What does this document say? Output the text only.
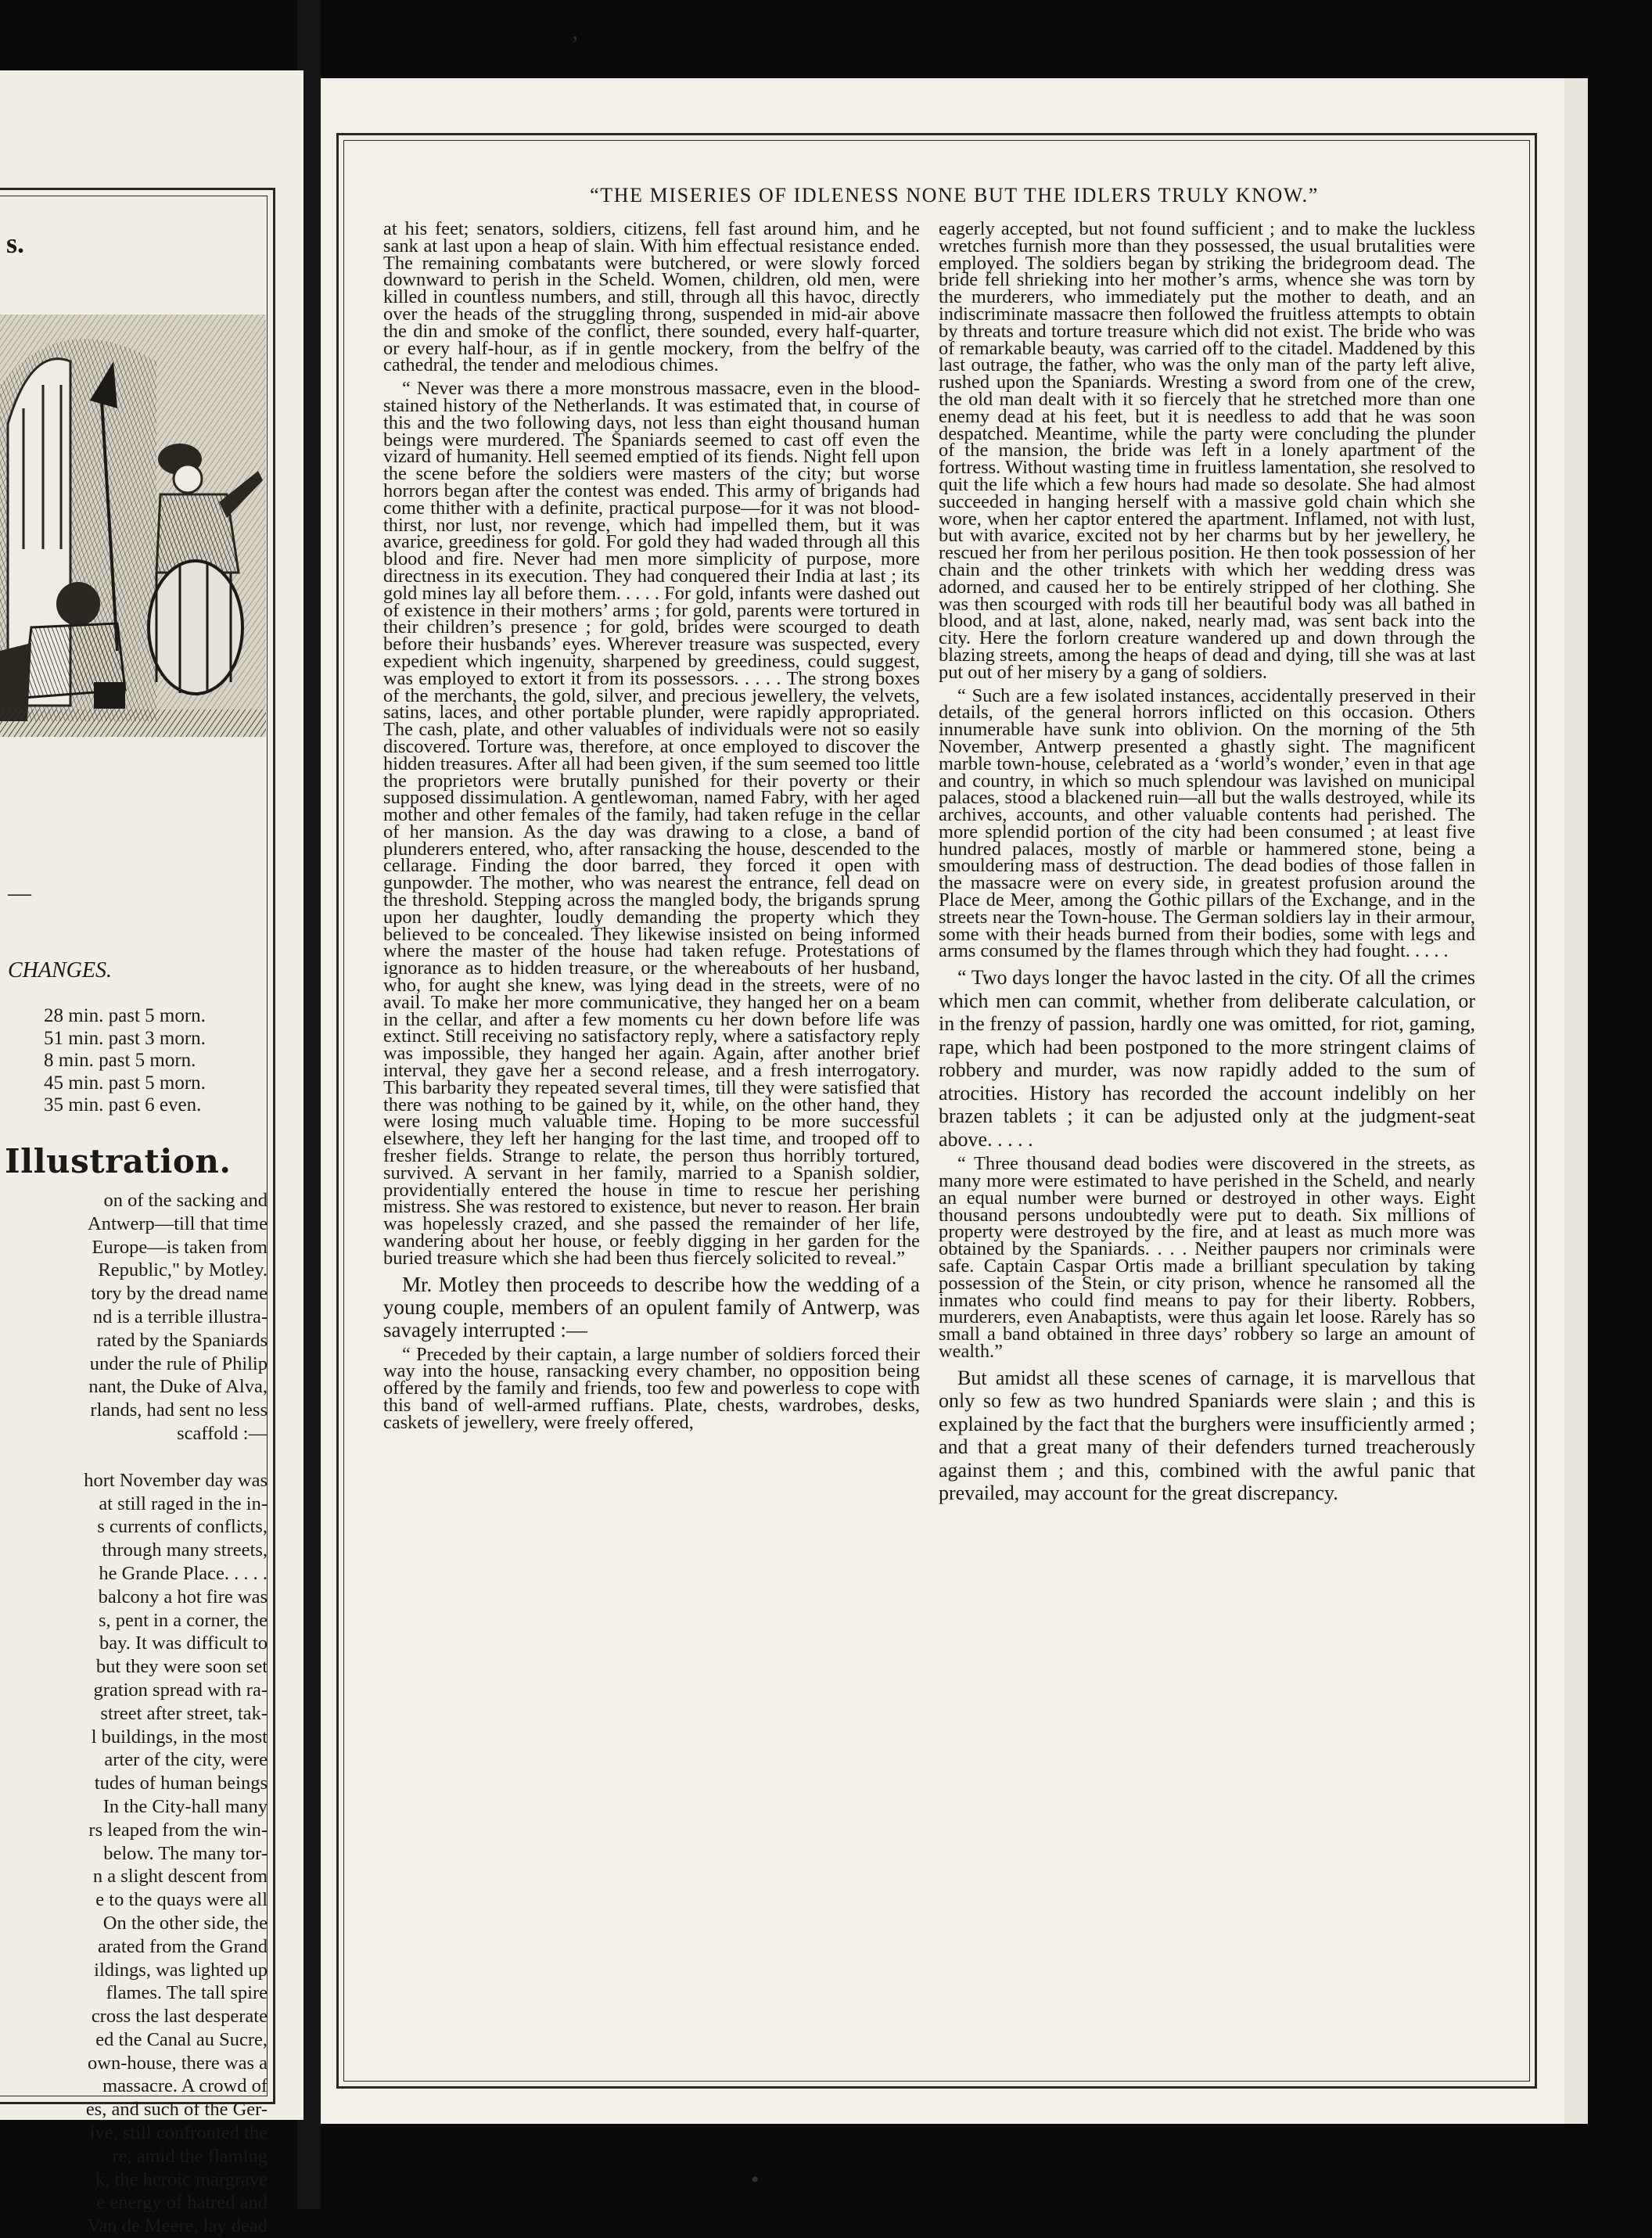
s.
—
CHANGES.
28 min. past 5 morn.
51 min. past 3 morn.
8 min. past 5 morn.
45 min. past 5 morn.
35 min. past 6 even.
Illustration.
on of the sacking and
Antwerp—till that time
Europe—is taken from
Republic," by Motley.
tory by the dread name
nd is a terrible illustra-
rated by the Spaniards
under the rule of Philip
nant, the Duke of Alva,
rlands, had sent no less
scaffold :—
hort November day was
at still raged in the in-
s currents of conflicts,
through many streets,
he Grande Place. . . . .
balcony a hot fire was
s, pent in a corner, the
bay. It was difficult to
but they were soon set
gration spread with ra-
street after street, tak-
l buildings, in the most
arter of the city, were
tudes of human beings
In the City-hall many
rs leaped from the win-
below. The many tor-
n a slight descent from
e to the quays were all
On the other side, the
arated from the Grand
ildings, was lighted up
flames. The tall spire
cross the last desperate
ed the Canal au Sucre,
own-house, there was a
massacre. A crowd of
es, and such of the Ger-
ive, still confronted the
re, amid the flaming
k, the heroic margrave
e energy of hatred and
Van de Meere, lay dead
“THE MISERIES OF IDLENESS NONE BUT THE IDLERS TRULY KNOW.”

at his feet; senators, soldiers, citizens, fell fast around him, and he sank at last upon a heap of slain. With him effectual resistance ended. The remaining combatants were butchered, or were slowly forced downward to perish in the Scheld. Women, children, old men, were killed in countless numbers, and still, through all this havoc, directly over the heads of the struggling throng, suspended in mid-air above the din and smoke of the conflict, there sounded, every half-quarter, or every half-hour, as if in gentle mockery, from the belfry of the cathedral, the tender and melodious chimes.

“ Never was there a more monstrous massacre, even in the blood-stained history of the Netherlands. It was estimated that, in course of this and the two following days, not less than eight thousand human beings were murdered. The Spaniards seemed to cast off even the vizard of humanity. Hell seemed emptied of its fiends. Night fell upon the scene before the soldiers were masters of the city; but worse horrors began after the contest was ended. This army of brigands had come thither with a definite, practical purpose—for it was not blood-thirst, nor lust, nor revenge, which had impelled them, but it was avarice, greediness for gold. For gold they had waded through all this blood and fire. Never had men more simplicity of purpose, more directness in its execution. They had conquered their India at last ; its gold mines lay all before them. . . . . For gold, infants were dashed out of existence in their mothers’ arms ; for gold, parents were tortured in their children’s presence ; for gold, brides were scourged to death before their husbands’ eyes. Wherever treasure was suspected, every expedient which ingenuity, sharpened by greediness, could suggest, was employed to extort it from its possessors. . . . . The strong boxes of the merchants, the gold, silver, and precious jewellery, the velvets, satins, laces, and other portable plunder, were rapidly appropriated. The cash, plate, and other valuables of individuals were not so easily discovered. Torture was, therefore, at once employed to discover the hidden treasures. After all had been given, if the sum seemed too little the proprietors were brutally punished for their poverty or their supposed dissimulation. A gentlewoman, named Fabry, with her aged mother and other females of the family, had taken refuge in the cellar of her mansion. As the day was drawing to a close, a band of plunderers entered, who, after ransacking the house, descended to the cellarage. Finding the door barred, they forced it open with gunpowder. The mother, who was nearest the entrance, fell dead on the threshold. Stepping across the mangled body, the brigands sprung upon her daughter, loudly demanding the property which they believed to be concealed. They likewise insisted on being informed where the master of the house had taken refuge. Protestations of ignorance as to hidden treasure, or the whereabouts of her husband, who, for aught she knew, was lying dead in the streets, were of no avail. To make her more communicative, they hanged her on a beam in the cellar, and after a few moments cu her down before life was extinct. Still receiving no satisfactory reply, where a satisfactory reply was impossible, they hanged her again. Again, after another brief interval, they gave her a second release, and a fresh interrogatory. This barbarity they repeated several times, till they were satisfied that there was nothing to be gained by it, while, on the other hand, they were losing much valuable time. Hoping to be more successful elsewhere, they left her hanging for the last time, and trooped off to fresher fields. Strange to relate, the person thus horribly tortured, survived. A servant in her family, married to a Spanish soldier, providentially entered the house in time to rescue her perishing mistress. She was restored to existence, but never to reason. Her brain was hopelessly crazed, and she passed the remainder of her life, wandering about her house, or feebly digging in her garden for the buried treasure which she had been thus fiercely solicited to reveal.”

Mr. Motley then proceeds to describe how the wedding of a young couple, members of an opulent family of Antwerp, was savagely interrupted :—

“ Preceded by their captain, a large number of soldiers forced their way into the house, ransacking every chamber, no opposition being offered by the family and friends, too few and powerless to cope with this band of well-armed ruffians. Plate, chests, wardrobes, desks, caskets of jewellery, were freely offered,

eagerly accepted, but not found sufficient ; and to make the luckless wretches furnish more than they possessed, the usual brutalities were employed. The soldiers began by striking the bridegroom dead. The bride fell shrieking into her mother’s arms, whence she was torn by the murderers, who immediately put the mother to death, and an indiscriminate massacre then followed the fruitless attempts to obtain by threats and torture treasure which did not exist. The bride who was of remarkable beauty, was carried off to the citadel. Maddened by this last outrage, the father, who was the only man of the party left alive, rushed upon the Spaniards. Wresting a sword from one of the crew, the old man dealt with it so fiercely that he stretched more than one enemy dead at his feet, but it is needless to add that he was soon despatched. Meantime, while the party were concluding the plunder of the mansion, the bride was left in a lonely apartment of the fortress. Without wasting time in fruitless lamentation, she resolved to quit the life which a few hours had made so desolate. She had almost succeeded in hanging herself with a massive gold chain which she wore, when her captor entered the apartment. Inflamed, not with lust, but with avarice, excited not by her charms but by her jewellery, he rescued her from her perilous position. He then took possession of her chain and the other trinkets with which her wedding dress was adorned, and caused her to be entirely stripped of her clothing. She was then scourged with rods till her beautiful body was all bathed in blood, and at last, alone, naked, nearly mad, was sent back into the city. Here the forlorn creature wandered up and down through the blazing streets, among the heaps of dead and dying, till she was at last put out of her misery by a gang of soldiers.

“ Such are a few isolated instances, accidentally preserved in their details, of the general horrors inflicted on this occasion. Others innumerable have sunk into oblivion. On the morning of the 5th November, Antwerp presented a ghastly sight. The magnificent marble town-house, celebrated as a ‘world’s wonder,’ even in that age and country, in which so much splendour was lavished on municipal palaces, stood a blackened ruin—all but the walls destroyed, while its archives, accounts, and other valuable contents had perished. The more splendid portion of the city had been consumed ; at least five hundred palaces, mostly of marble or hammered stone, being a smouldering mass of destruction. The dead bodies of those fallen in the massacre were on every side, in greatest profusion around the Place de Meer, among the Gothic pillars of the Exchange, and in the streets near the Town-house. The German soldiers lay in their armour, some with their heads burned from their bodies, some with legs and arms consumed by the flames through which they had fought. . . . .

“ Two days longer the havoc lasted in the city. Of all the crimes which men can commit, whether from deliberate calculation, or in the frenzy of passion, hardly one was omitted, for riot, gaming, rape, which had been postponed to the more stringent claims of robbery and murder, was now rapidly added to the sum of atrocities. History has recorded the account indelibly on her brazen tablets ; it can be adjusted only at the judgment-seat above. . . . .

“ Three thousand dead bodies were discovered in the streets, as many more were estimated to have perished in the Scheld, and nearly an equal number were burned or destroyed in other ways. Eight thousand persons undoubtedly were put to death. Six millions of property were destroyed by the fire, and at least as much more was obtained by the Spaniards. . . . Neither paupers nor criminals were safe. Captain Caspar Ortis made a brilliant speculation by taking possession of the Stein, or city prison, whence he ransomed all the inmates who could find means to pay for their liberty. Robbers, murderers, even Anabaptists, were thus again let loose. Rarely has so small a band obtained in three days’ robbery so large an amount of wealth.”

But amidst all these scenes of carnage, it is marvellous that only so few as two hundred Spaniards were slain ; and this is explained by the fact that the burghers were insufficiently armed ; and that a great many of their defenders turned treacherously against them ; and this, combined with the awful panic that prevailed, may account for the great discrepancy.

’
•
